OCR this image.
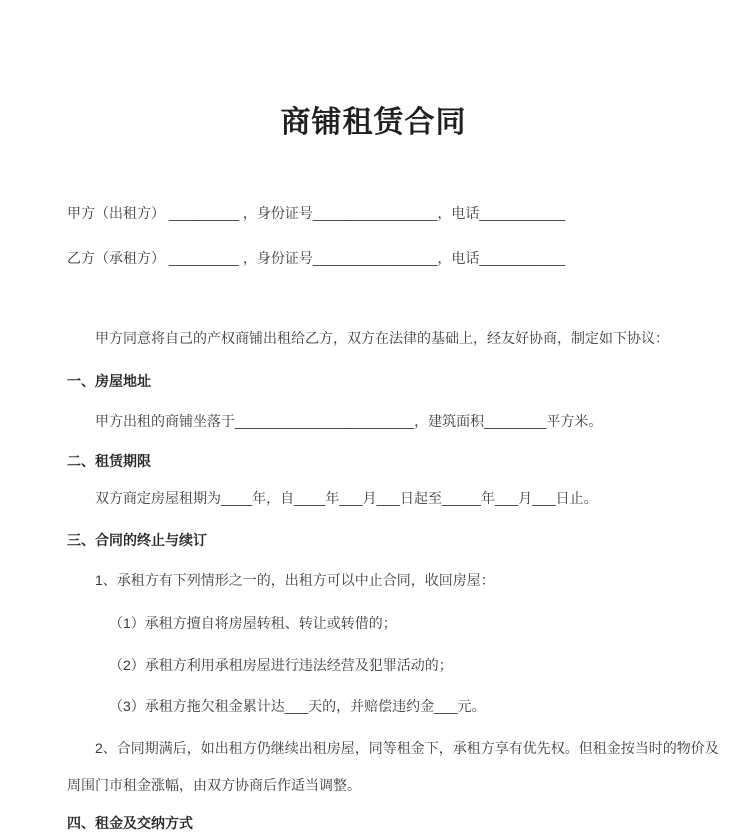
商铺租赁合同

甲方（出租方） _________ ，身份证号________________，电话___________

乙方（承租方） _________ ，身份证号________________，电话___________

甲方同意将自己的产权商铺出租给乙方，双方在法律的基础上，经友好协商，制定如下协议：

一、房屋地址

甲方出租的商铺坐落于_______________________，建筑面积________平方米。

二、租赁期限

双方商定房屋租期为____年，自____年___月___日起至_____年___月___日止。

三、合同的终止与续订

1、承租方有下列情形之一的，出租方可以中止合同，收回房屋：

（1）承租方擅自将房屋转租、转让或转借的；

（2）承租方利用承租房屋进行违法经营及犯罪活动的；

（3）承租方拖欠租金累计达___天的，并赔偿违约金___元。

2、合同期满后，如出租方仍继续出租房屋，同等租金下，承租方享有优先权。但租金按当时的物价及周围门市租金涨幅，由双方协商后作适当调整。

四、租金及交纳方式
